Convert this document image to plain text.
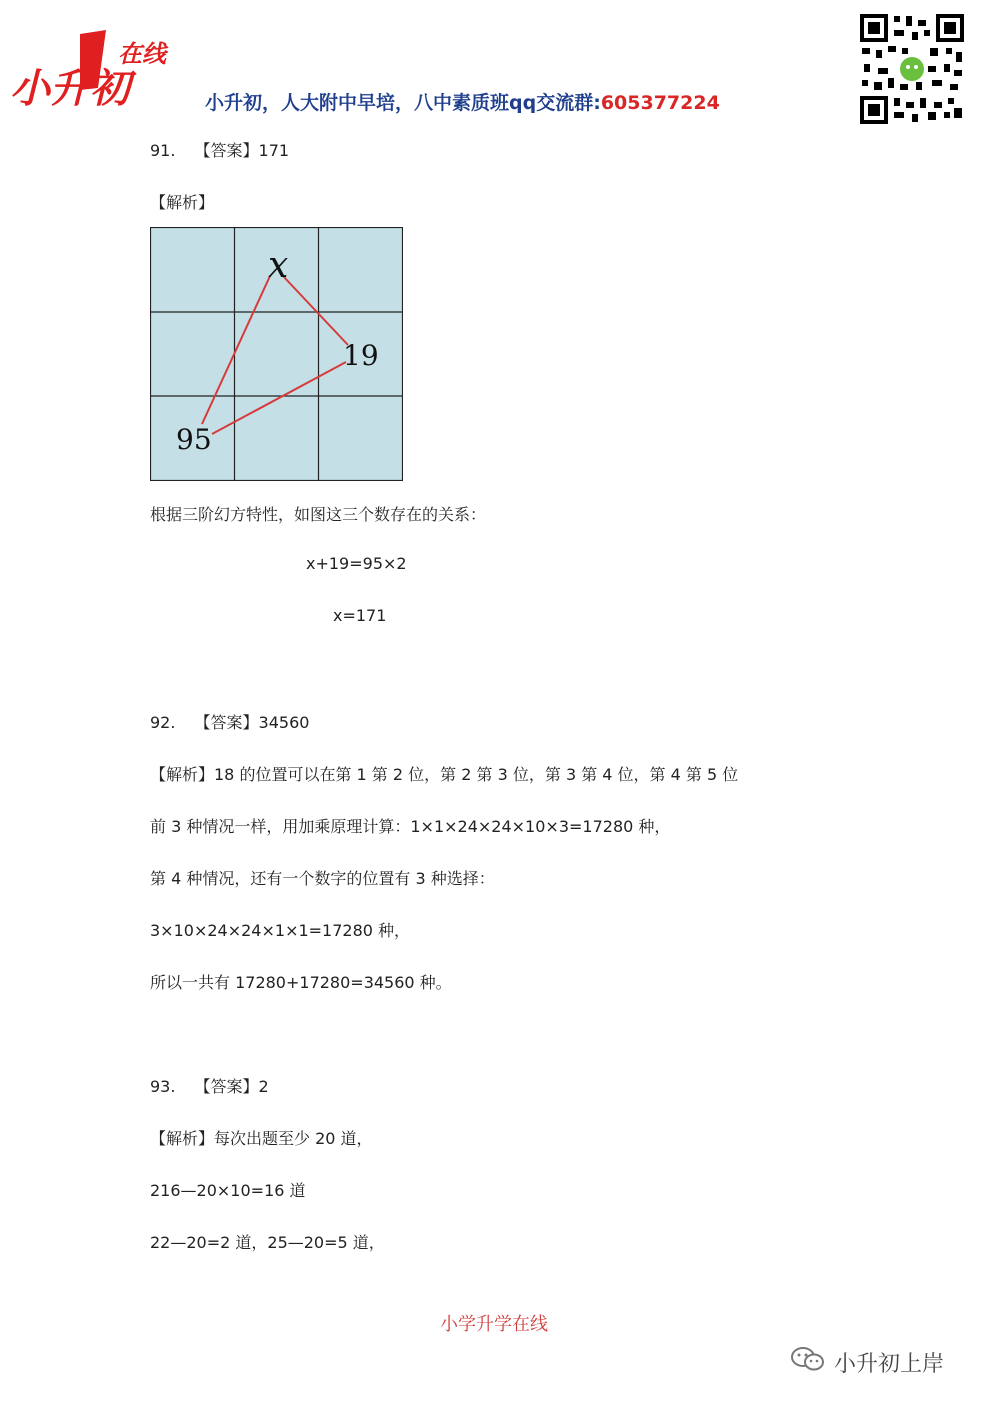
在线
小升初	小升初，人大附中早培，八中素质班qq交流群:605377224
91. 【答案】171
【解析】
x
19
95
根据三阶幻方特性，如图这三个数存在的关系：
x+19=95×2
x=171
92. 【答案】34560
【解析】18 的位置可以在第 1 第 2 位，第 2 第 3 位，第 3 第 4 位，第 4 第 5 位
前 3 种情况一样，用加乘原理计算：1×1×24×24×10×3=17280 种，
第 4 种情况，还有一个数字的位置有 3 种选择：
3×10×24×24×1×1=17280 种，
所以一共有 17280+17280=34560 种。
93. 【答案】2
【解析】每次出题至少 20 道，
216—20×10=16 道
22—20=2 道，25—20=5 道，
小学升学在线
小升初上岸
